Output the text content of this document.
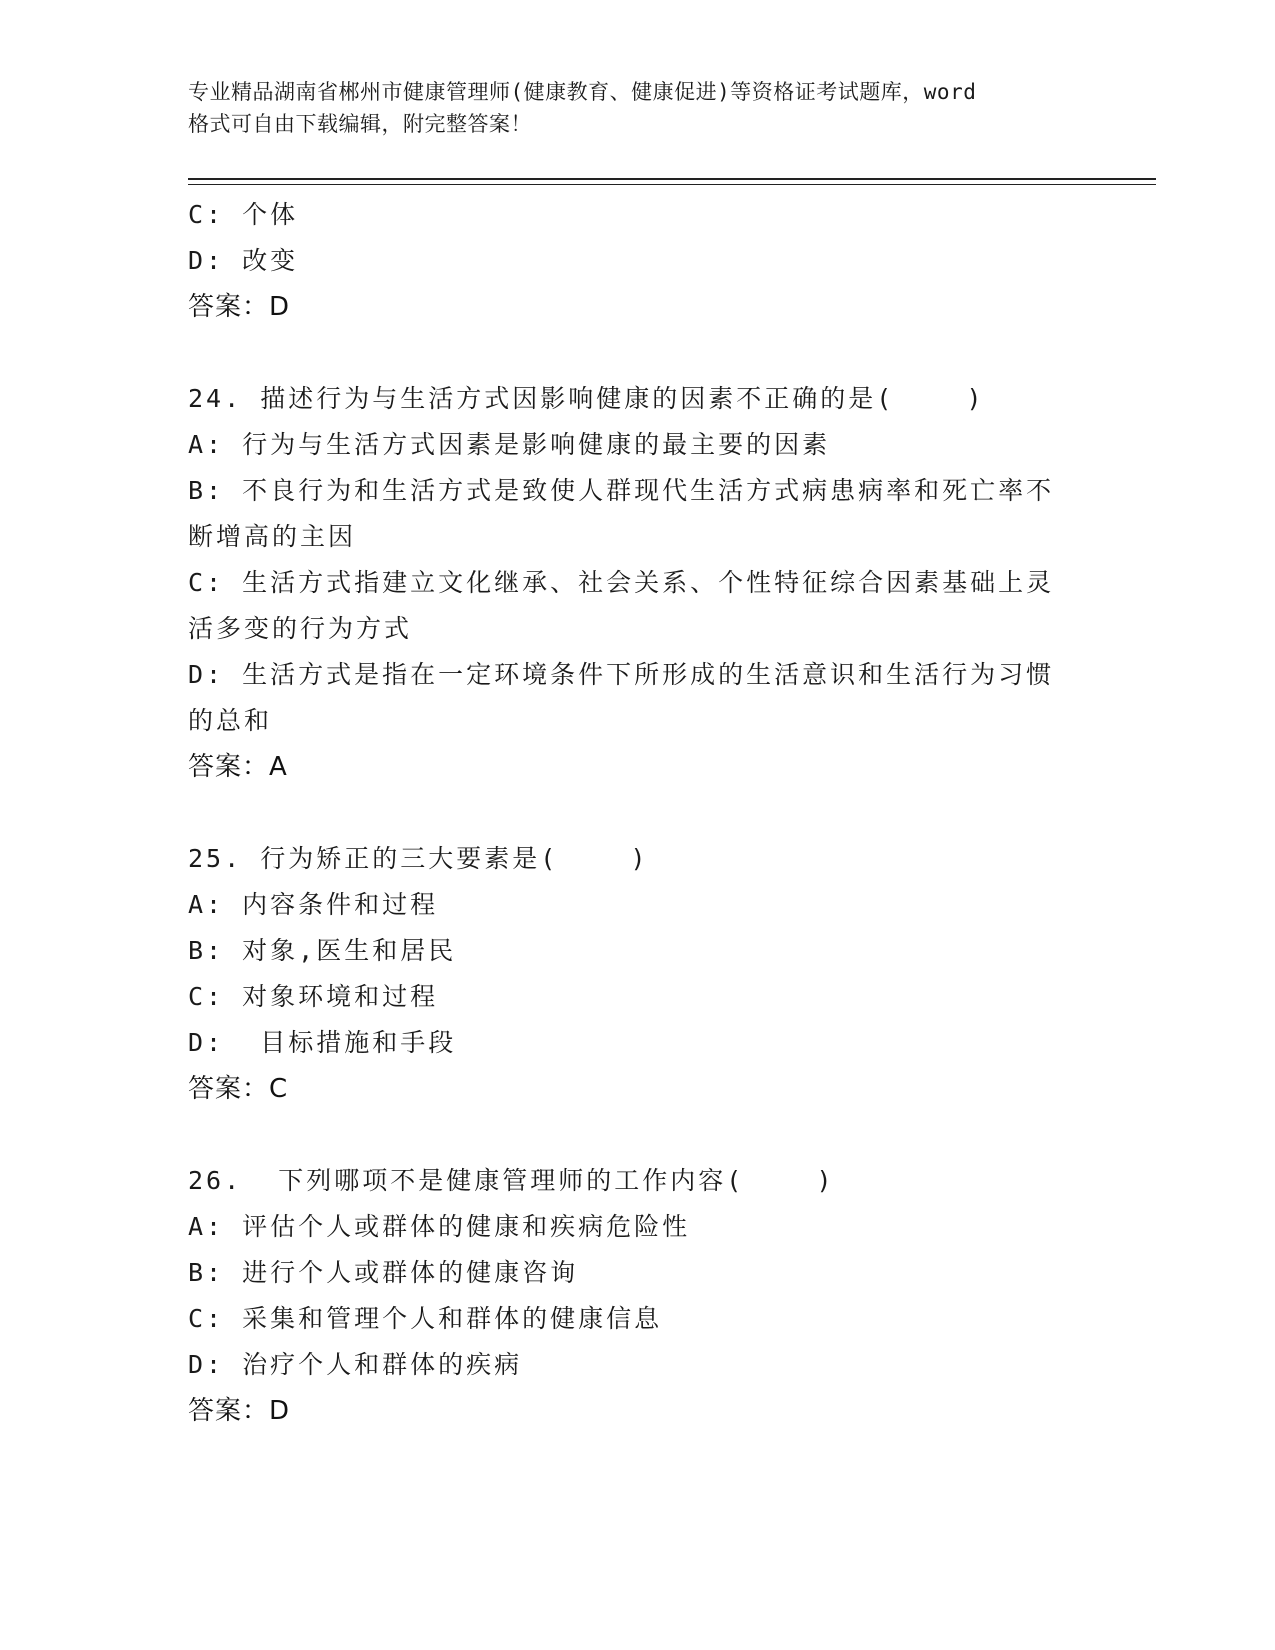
专业精品湖南省郴州市健康管理师(健康教育、健康促进)等资格证考试题库，word
格式可自由下载编辑，附完整答案！
C: 个体
D: 改变
答案：D
24. 描述行为与生活方式因影响健康的因素不正确的是(    )
A: 行为与生活方式因素是影响健康的最主要的因素
B: 不良行为和生活方式是致使人群现代生活方式病患病率和死亡率不断增高的主因
C: 生活方式指建立文化继承、社会关系、个性特征综合因素基础上灵活多变的行为方式
D: 生活方式是指在一定环境条件下所形成的生活意识和生活行为习惯的总和
答案：A
25. 行为矫正的三大要素是(    )
A: 内容条件和过程
B: 对象,医生和居民
C: 对象环境和过程
D:  目标措施和手段
答案：C
26.  下列哪项不是健康管理师的工作内容(    )
A: 评估个人或群体的健康和疾病危险性
B: 进行个人或群体的健康咨询
C: 采集和管理个人和群体的健康信息
D: 治疗个人和群体的疾病
答案：D
